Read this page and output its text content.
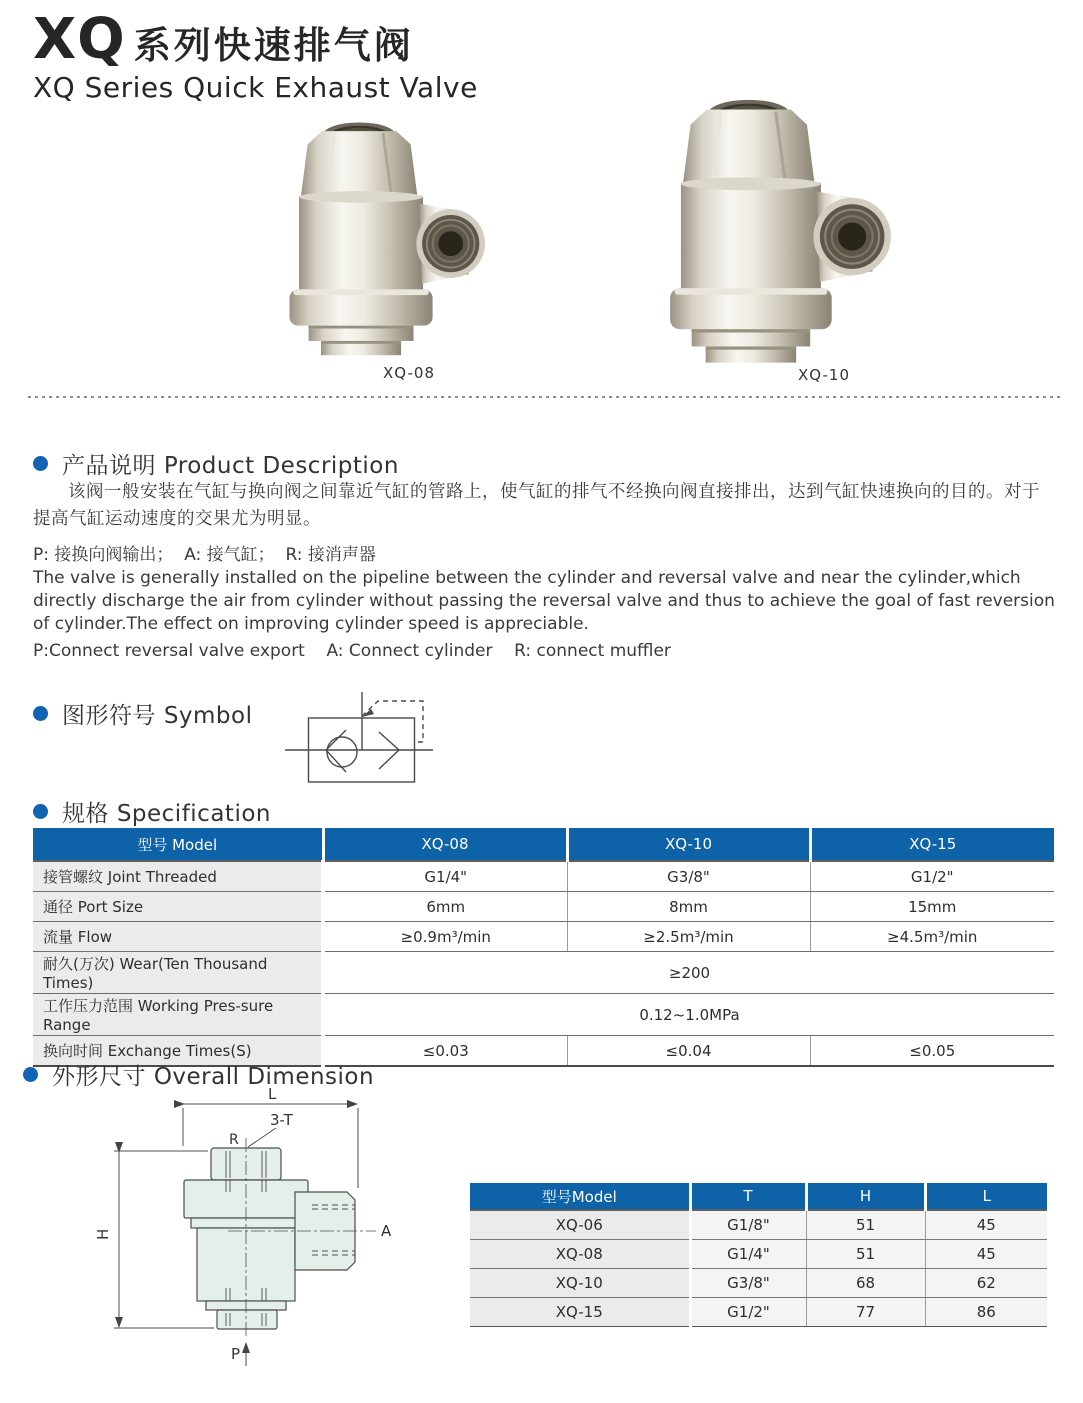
XQ 系列快速排气阀
XQ Series Quick Exhaust Valve
XQ-08	XQ-10
产品说明 Product Description
该阀一般安装在气缸与换向阀之间靠近气缸的管路上，使气缸的排气不经换向阀直接排出，达到气缸快速换向的目的。对于提高气缸运动速度的交果尤为明显。
P: 接换向阀输出；  A: 接气缸；  R: 接消声器
The valve is generally installed on the pipeline between the cylinder and reversal valve and near the cylinder,which directly discharge the air from cylinder without passing the reversal valve and thus to achieve the goal of fast reversion of cylinder.The effect on improving cylinder speed is appreciable.
P:Connect reversal valve export    A: Connect cylinder    R: connect muffler
图形符号 Symbol
规格 Specification
型号 Model	XQ-08	XQ-10	XQ-15
接管螺纹 Joint Threaded	G1/4"	G3/8"	G1/2"
通径 Port Size	6mm	8mm	15mm
流量 Flow	≥0.9m³/min	≥2.5m³/min	≥4.5m³/min
耐久(万次) Wear(Ten Thousand Times)	≥200		
工作压力范围 Working Pres-sure Range	0.12~1.0MPa		
换向时间 Exchange Times(S)	≤0.03	≤0.04	≤0.05
外形尺寸 Overall Dimension
L
3-T
R
H	A
P
型号Model	T	H	L
XQ-06	G1/8"	51	45
XQ-08	G1/4"	51	45
XQ-10	G3/8"	68	62
XQ-15	G1/2"	77	86
